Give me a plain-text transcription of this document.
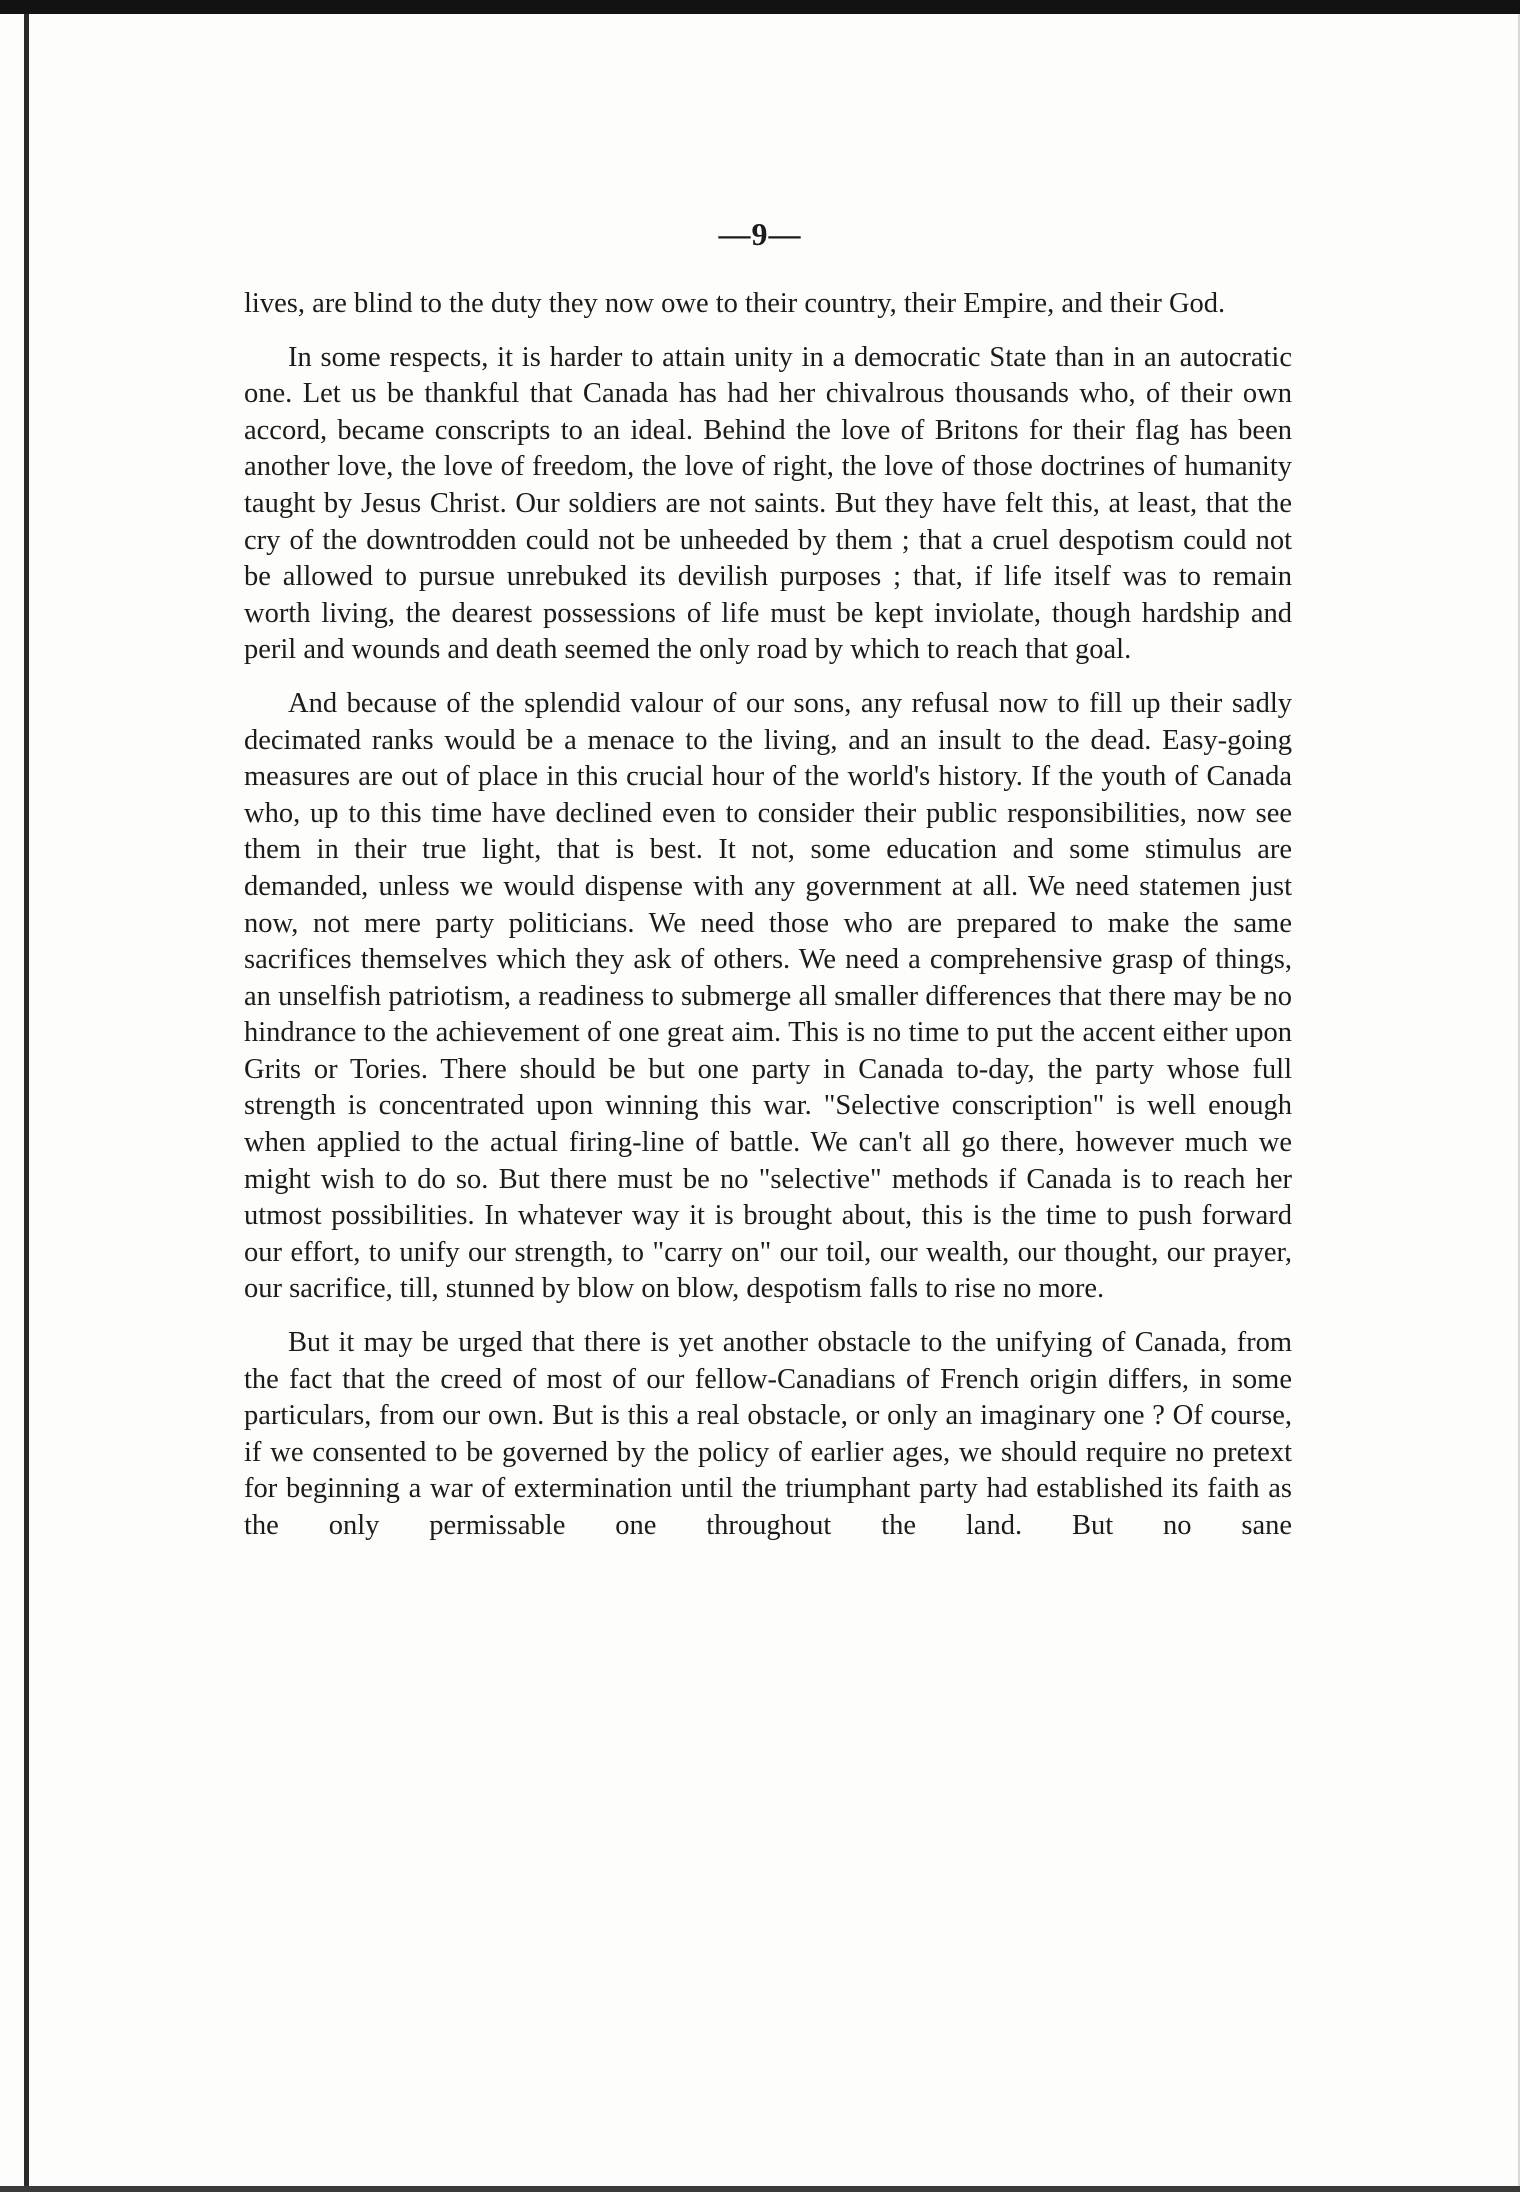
—9—

lives, are blind to the duty they now owe to their country, their Empire, and their God.

In some respects, it is harder to attain unity in a democratic State than in an autocratic one. Let us be thankful that Canada has had her chivalrous thousands who, of their own accord, became conscripts to an ideal. Behind the love of Britons for their flag has been another love, the love of freedom, the love of right, the love of those doctrines of humanity taught by Jesus Christ. Our soldiers are not saints. But they have felt this, at least, that the cry of the downtrodden could not be unheeded by them ; that a cruel despotism could not be allowed to pursue unrebuked its devilish purposes ; that, if life itself was to remain worth living, the dearest possessions of life must be kept inviolate, though hardship and peril and wounds and death seemed the only road by which to reach that goal.

And because of the splendid valour of our sons, any refusal now to fill up their sadly decimated ranks would be a menace to the living, and an insult to the dead. Easy-going measures are out of place in this crucial hour of the world's history. If the youth of Canada who, up to this time have declined even to consider their public responsibilities, now see them in their true light, that is best. It not, some education and some stimulus are demanded, unless we would dispense with any government at all. We need statemen just now, not mere party politicians. We need those who are prepared to make the same sacrifices themselves which they ask of others. We need a comprehensive grasp of things, an unselfish patriotism, a readiness to submerge all smaller differences that there may be no hindrance to the achievement of one great aim. This is no time to put the accent either upon Grits or Tories. There should be but one party in Canada to-day, the party whose full strength is concentrated upon winning this war. "Selective conscription" is well enough when applied to the actual firing-line of battle. We can't all go there, however much we might wish to do so. But there must be no "selective" methods if Canada is to reach her utmost possibilities. In whatever way it is brought about, this is the time to push forward our effort, to unify our strength, to "carry on" our toil, our wealth, our thought, our prayer, our sacrifice, till, stunned by blow on blow, despotism falls to rise no more.

But it may be urged that there is yet another obstacle to the unifying of Canada, from the fact that the creed of most of our fellow-Canadians of French origin differs, in some particulars, from our own. But is this a real obstacle, or only an imaginary one ? Of course, if we consented to be governed by the policy of earlier ages, we should require no pretext for beginning a war of extermination until the triumphant party had established its faith as the only permissable one throughout the land. But no sane
